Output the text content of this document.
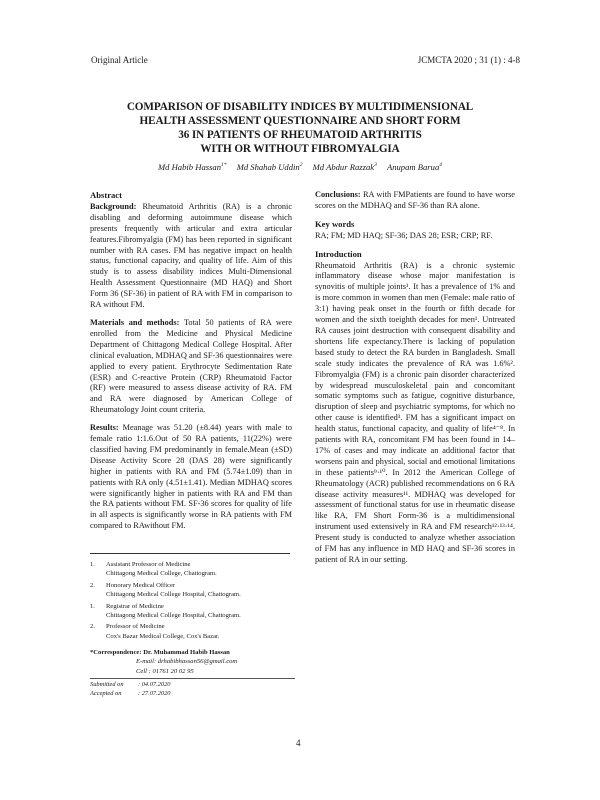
Original Article	JCMCTA 2020 ; 31 (1) : 4-8
COMPARISON OF DISABILITY INDICES BY MULTIDIMENSIONAL
HEALTH ASSESSMENT QUESTIONNAIRE AND SHORT FORM
36 IN PATIENTS OF RHEUMATOID ARTHRITIS
WITH OR WITHOUT FIBROMYALGIA
Md Habib Hassan$^{1*}$ Md Shahab Uddin$^2$ Md Abdur Razzak$^3$ Anupam Barua$^4$
Abstract

Background: Rheumatoid Arthritis (RA) is a chronic disabling and deforming autoimmune disease which presents frequently with articular and extra articular features.Fibromyalgia (FM) has been reported in significant number with RA cases. FM has negative impact on health status, functional capacity, and quality of life. Aim of this study is to assess disability indices Multi-Dimensional Health Assessment Questionnaire (MD HAQ) and Short Form 36 (SF-36) in patient of RA with FM in comparison to RA without FM.

Materials and methods: Total 50 patients of RA were enrolled from the Medicine and Physical Medicine Department of Chittagong Medical College Hospital. After clinical evaluation, MDHAQ and SF-36 questionnaires were applied to every patient. Erythrocyte Sedimentation Rate (ESR) and C-reactive Protein (CRP) Rheumatoid Factor (RF) were measured to assess disease activity of RA. FM and RA were diagnosed by American College of Rheumatology Joint count criteria.

Results: Meanage was 51.20 (±8.44) years with male to female ratio 1:1.6.Out of 50 RA patients, 11(22%) were classified having FM predominantly in female.Mean (±SD) Disease Activity Score 28 (DAS 28) were significantly higher in patients with RA and FM (5.74±1.09) than in patients with RA only (4.51±1.41). Median MDHAQ scores were significantly higher in patients with RA and FM than the RA patients without FM. SF-36 scores for quality of life in all aspects is significantly worse in RA patients with FM compared to RAwithout FM.

1.	Assistant Professor of Medicine
Chittagong Medical College, Chattogram.
2.	Honorary Medical Officer
Chittagong Medical College Hospital, Chattogram.
1.	Registrar of Medicine
Chittagong Medical College Hospital, Chattogram.
2.	Professor of Medicine
Cox's Bazar Medical College, Cox's Bazar.
*Correspondence: Dr. Muhammad Habib Hassan
E-mail: drhabibhassan56@gmail.com
Cell : 01761 20 02 95
Submitted on : 04.07.2020
Accepted on	: 27.07.2020

Conclusions: RA with FMPatients are found to have worse scores on the MDHAQ and SF-36 than RA alone.

Key words

RA; FM; MD HAQ; SF-36; DAS 28; ESR; CRP; RF.

Introduction

Rheumatoid Arthritis (RA) is a chronic systemic inflammatory disease whose major manifestation is synovitis of multiple joints¹. It has a prevalence of 1% and is more common in women than men (Female: male ratio of 3:1) having peak onset in the fourth or fifth decade for women and the sixth toeighth decades for men¹. Untreated RA causes joint destruction with consequent disability and shortens life expectancy.There is lacking of population based study to detect the RA burden in Bangladesh. Small scale study indicates the prevalence of RA was 1.6%². Fibromyalgia (FM) is a chronic pain disorder characterized by widespread musculoskeletal pain and concomitant somatic symptoms such as fatigue, cognitive disturbance, disruption of sleep and psychiatric symptoms, for which no other cause is identified³. FM has a significant impact on health status, functional capacity, and quality of life⁴⁻⁸. In patients with RA, concomitant FM has been found in 14–17% of cases and may indicate an additional factor that worsens pain and physical, social and emotional limitations in these patients⁹⋅¹⁰. In 2012 the American College of Rheumatology (ACR) published recommendations on 6 RA disease activity measures¹¹. MDHAQ was developed for assessment of functional status for use in rheumatic disease like RA, FM Short Form-36 is a multidimensional instrument used extensively in RA and FM research¹²⋅¹³⋅¹⁴. Present study is conducted to analyze whether association of FM has any influence in MD HAQ and SF-36 scores in patient of RA in our setting.

4
